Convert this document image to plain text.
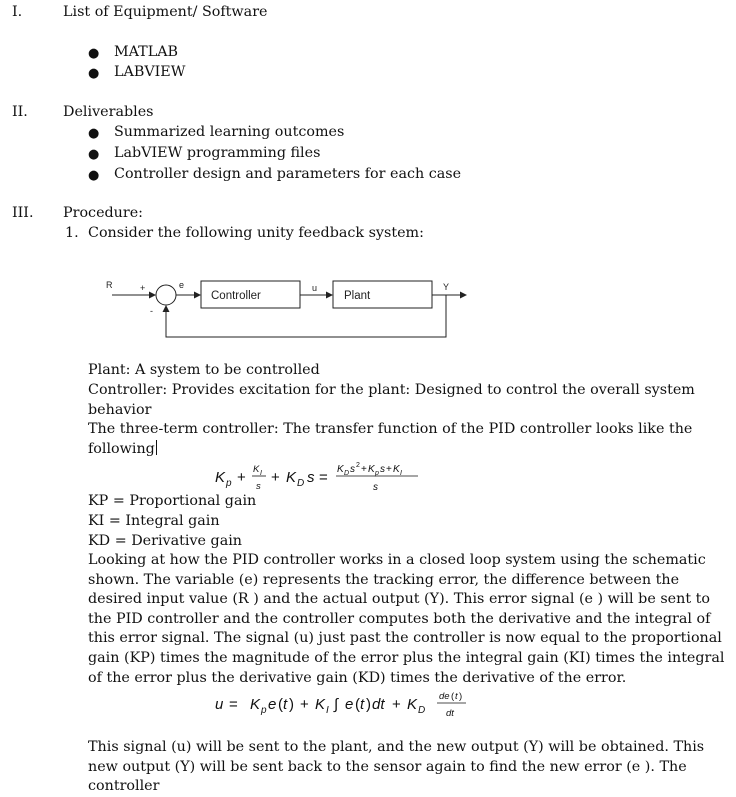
I.	List of Equipment/ Software
● MATLAB
● LABVIEW
II. Deliverables
● Summarized learning outcomes
● LabVIEW programming files
● Controller design and parameters for each case
III. Procedure:
1. Consider the following unity feedback system:
R	+
-
e	u	Y
Controller	Plant
Plant: A system to be controlled
Controller: Provides excitation for the plant: Designed to control the overall system behavior
The three-term controller: The transfer function of the PID controller looks like the following
K p + K I
s
+ K D s = K D s 2 + K p s + K I
s
KP = Proportional gain
KI = Integral gain
KD = Derivative gain
Looking at how the PID controller works in a closed loop system using the schematic shown. The variable (e) represents the tracking error, the difference between the desired input value (R ) and the actual output (Y). This error signal (e ) will be sent to the PID controller and the controller computes both the derivative and the integral of this error signal. The signal (u) just past the controller is now equal to the proportional gain (KP) times the magnitude of the error plus the integral gain (KI) times the integral of the error plus the derivative gain (KD) times the derivative of the error.
u = K p e ( t ) + K I ∫ e ( t ) dt + K D
de ( t )
dt
This signal (u) will be sent to the plant, and the new output (Y) will be obtained. This new output (Y) will be sent back to the sensor again to find the new error (e ). The controller
